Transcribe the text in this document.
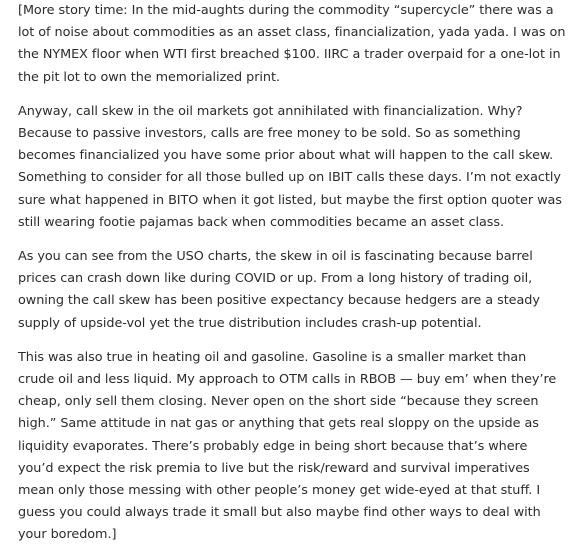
[More story time: In the mid-aughts during the commodity “supercycle” there was a lot of noise about commodities as an asset class, financialization, yada yada. I was on the NYMEX floor when WTI first breached $100. IIRC a trader overpaid for a one-lot in the pit lot to own the memorialized print.

Anyway, call skew in the oil markets got annihilated with financialization. Why? Because to passive investors, calls are free money to be sold. So as something becomes financialized you have some prior about what will happen to the call skew. Something to consider for all those bulled up on IBIT calls these days. I’m not exactly sure what happened in BITO when it got listed, but maybe the first option quoter was still wearing footie pajamas back when commodities became an asset class.

As you can see from the USO charts, the skew in oil is fascinating because barrel prices can crash down like during COVID or up. From a long history of trading oil, owning the call skew has been positive expectancy because hedgers are a steady supply of upside-vol yet the true distribution includes crash-up potential.

This was also true in heating oil and gasoline. Gasoline is a smaller market than crude oil and less liquid. My approach to OTM calls in RBOB — buy em’ when they’re cheap, only sell them closing. Never open on the short side “because they screen high.” Same attitude in nat gas or anything that gets real sloppy on the upside as liquidity evaporates. There’s probably edge in being short because that’s where you’d expect the risk premia to live but the risk/reward and survival imperatives mean only those messing with other people’s money get wide-eyed at that stuff. I guess you could always trade it small but also maybe find other ways to deal with your boredom.]
